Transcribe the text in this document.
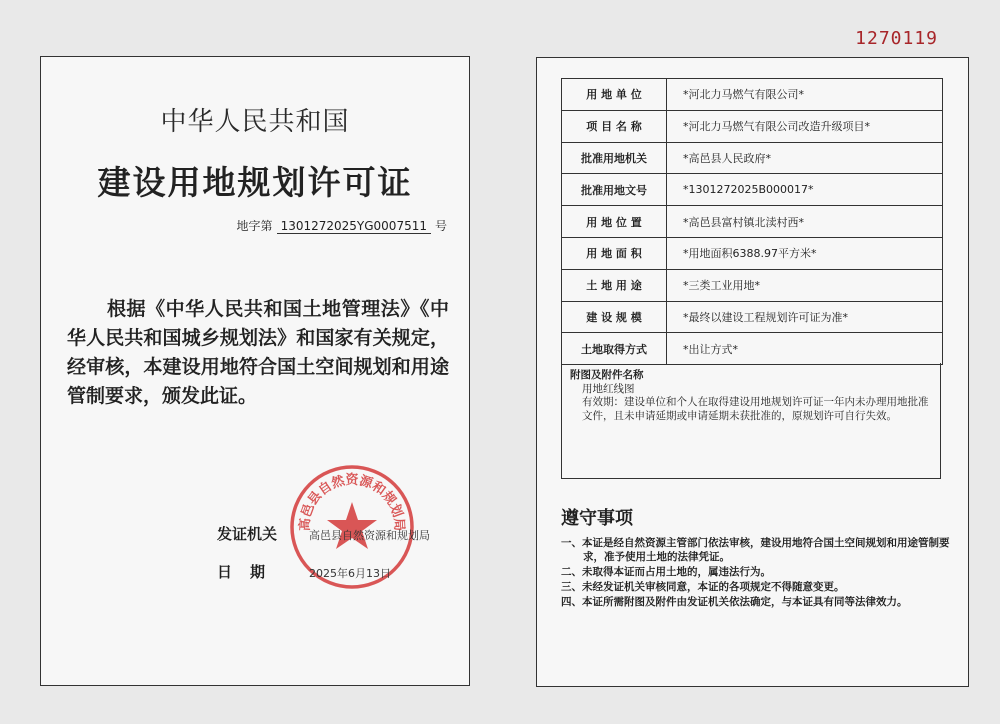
1270119
中华人民共和国
建设用地规划许可证
地字第 1301272025YG0007511 号
根据《中华人民共和国土地管理法》《中华人民共和国城乡规划法》和国家有关规定，经审核，本建设用地符合国土空间规划和用途管制要求，颁发此证。
高邑县自然资源和规划局
发证机关	高邑县自然资源和规划局
日期 2025年6月13日
用 地 单 位	*河北力马燃气有限公司*
项 目 名 称	*河北力马燃气有限公司改造升级项目*
批准用地机关	*高邑县人民政府*
批准用地文号	*1301272025B000017*
用 地 位 置	*高邑县富村镇北渎村西*
用 地 面 积	*用地面积6388.97平方米*
土 地 用 途	*三类工业用地*
建 设 规 模	*最终以建设工程规划许可证为准*
土地取得方式	*出让方式*
附图及附件名称
用地红线图
有效期：建设单位和个人在取得建设用地规划许可证一年内未办理用地批准文件，且未申请延期或申请延期未获批准的，原规划许可自行失效。
遵守事项
一、本证是经自然资源主管部门依法审核，建设用地符合国土空间规划和用途管制要求，准予使用土地的法律凭证。
二、未取得本证而占用土地的，属违法行为。
三、未经发证机关审核同意，本证的各项规定不得随意变更。
四、本证所需附图及附件由发证机关依法确定，与本证具有同等法律效力。
